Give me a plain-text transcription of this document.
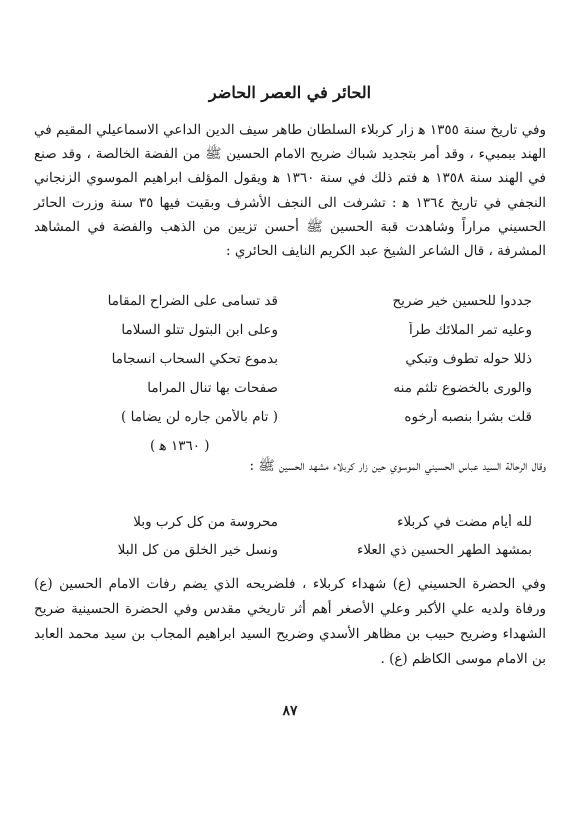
الحائر في العصر الحاضر
وفي تاريخ سنة ١٣٥٥ ﻫ زار كربلاء السلطان طاهر سيف الدين الداعي الاسماعيلي المقيم في الهند ببمبيء ، وقد أمر بتجديد شباك ضريح الامام الحسين ﷺ من الفضة الخالصة ، وقد صنع في الهند سنة ١٣٥٨ ﻫ فتم ذلك في سنة ١٣٦٠ ﻫ ويقول المؤلف ابراهيم الموسوي الزنجاني النجفي في تاريخ ١٣٦٤ ﻫ : تشرفت الى النجف الأشرف وبقيت فيها ٣٥ سنة وزرت الحائر الحسيني مراراً وشاهدت قبة الحسين ﷺ أحسن تزيين من الذهب والفضة في المشاهد المشرفة ، قال الشاعر الشيخ عبد الكريم النايف الحائري :
جددوا للحسين خير ضريح
قد تسامى على الضراح المقاما
وعليه تمر الملائك طراً
وعلى ابن البتول تتلو السلاما
ذللا حوله تطوف وتبكي
بدموع تحكي السحاب انسجاما
والورى بالخضوع تلثم منه
صفحات بها تنال المراما
قلت بشرا بنصبه أرخوه
( تام بالأمن جاره لن يضاما )
( ١٣٦٠ ﻫ )
وقال الرحالة السيد عباس الحسيني الموسوي حين زار كربلاء مشهد الحسين ﷺ :
لله أيام مضت في كربلاء
محروسة من كل كرب وبلا
بمشهد الطهر الحسين ذي العلاء
ونسل خير الخلق من كل البلا
وفي الحضرة الحسيني (ع) شهداء كربلاء ، فلضريحه الذي يضم رفات الامام الحسين (ع) ورفاة ولديه علي الأكبر وعلي الأصغر أهم أثر تاريخي مقدس وفي الحضرة الحسينية ضريح الشهداء وضريح حبيب بن مظاهر الأسدي وضريح السيد ابراهيم المجاب بن سيد محمد العابد بن الامام موسى الكاظم (ع) .
٨٧
